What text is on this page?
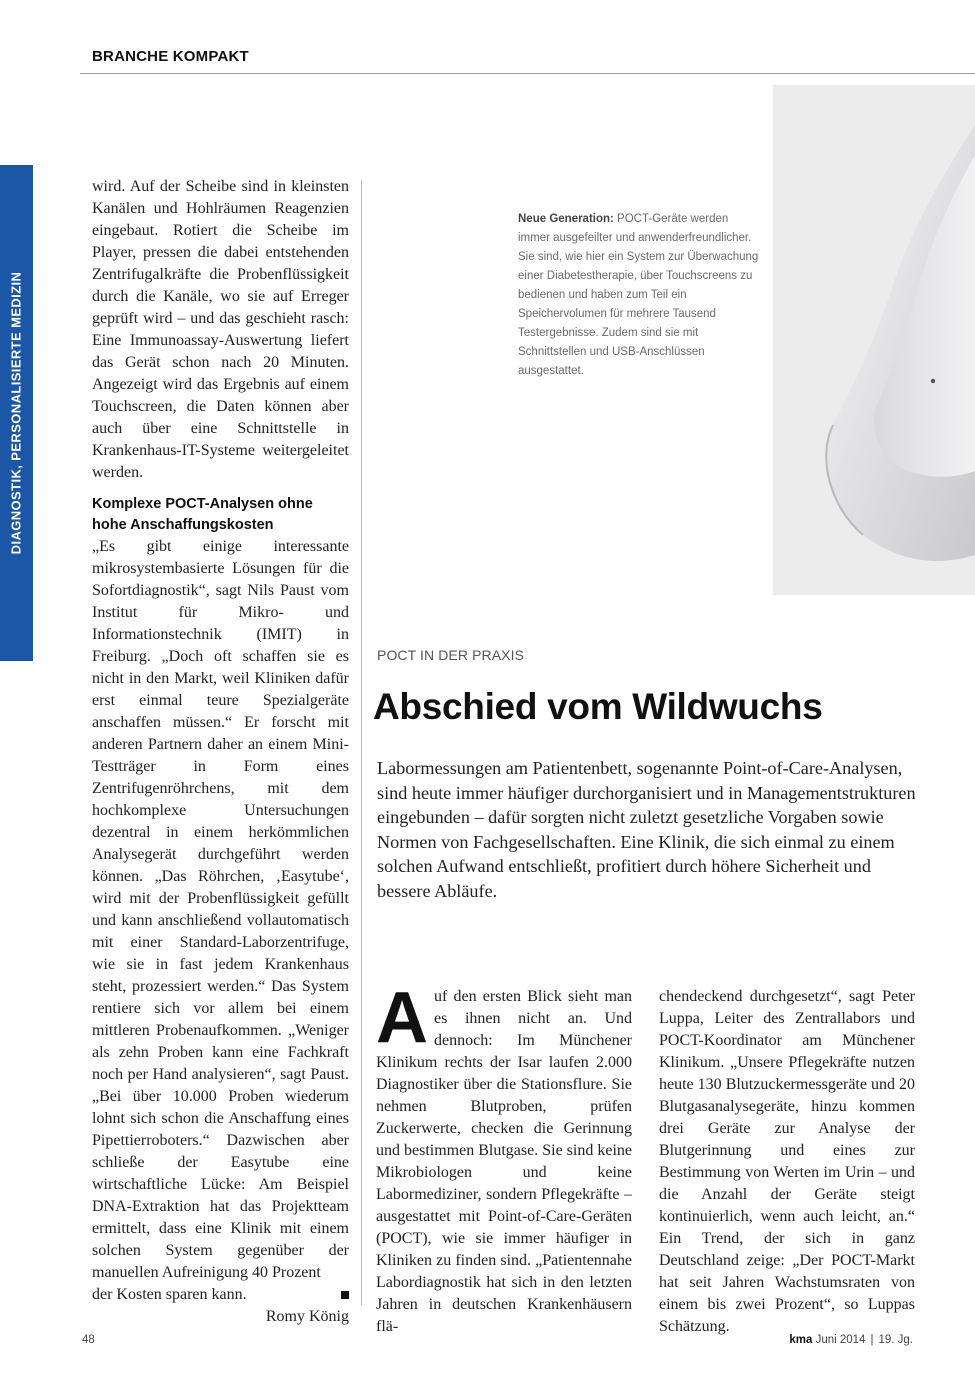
BRANCHE KOMPAKT
DIAGNOSTIK, PERSONALISIERTE MEDIZIN

wird. Auf der Scheibe sind in kleinsten Kanälen und Hohlräumen Reagenzien eingebaut. Rotiert die Scheibe im Player, pressen die dabei entstehenden Zentrifugalkräfte die Probenflüssigkeit durch die Kanäle, wo sie auf Erreger geprüft wird – und das geschieht rasch: Eine Immunoassay-Auswertung liefert das Gerät schon nach 20 Minuten. Angezeigt wird das Ergebnis auf einem Touchscreen, die Daten können aber auch über eine Schnittstelle in Krankenhaus-IT-Systeme weitergeleitet werden.

Komplexe POCT-Analysen ohne hohe Anschaffungskosten

„Es gibt einige interessante mikrosystembasierte Lösungen für die Sofortdiagnostik“, sagt Nils Paust vom Institut für Mikro- und Informationstechnik (IMIT) in Freiburg. „Doch oft schaffen sie es nicht in den Markt, weil Kliniken dafür erst einmal teure Spezialgeräte anschaffen müssen.“ Er forscht mit anderen Partnern daher an einem Mini-Testträger in Form eines Zentrifugenröhrchens, mit dem hochkomplexe Untersuchungen dezentral in einem herkömmlichen Analysegerät durchgeführt werden können. „Das Röhrchen, ‚Easytube‘, wird mit der Probenflüssigkeit gefüllt und kann anschließend vollautomatisch mit einer Standard-Laborzentrifuge, wie sie in fast jedem Krankenhaus steht, prozessiert werden.“ Das System rentiere sich vor allem bei einem mittleren Probenaufkommen. „Weniger als zehn Proben kann eine Fachkraft noch per Hand analysieren“, sagt Paust. „Bei über 10.000 Proben wiederum lohnt sich schon die Anschaffung eines Pipettierroboters.“ Dazwischen aber schließe der Easytube eine wirtschaftliche Lücke: Am Beispiel DNA-Extraktion hat das Projektteam ermittelt, dass eine Klinik mit einem solchen System gegenüber der manuellen Aufreinigung 40 Prozent

der Kosten sparen kann.
Romy König
Neue Generation: POCT-Geräte werden immer ausgefeilter und anwenderfreundlicher. Sie sind, wie hier ein System zur Überwachung einer Diabetestherapie, über Touchscreens zu bedienen und haben zum Teil ein Speichervolumen für mehrere Tausend Testergebnisse. Zudem sind sie mit Schnittstellen und USB-Anschlüssen ausgestattet.
POCT IN DER PRAXIS
Abschied vom Wildwuchs
Labormessungen am Patientenbett, sogenannte Point-of-Care-Analysen, sind heute immer häufiger durchorganisiert und in Managementstrukturen eingebunden – dafür sorgten nicht zuletzt gesetzliche Vorgaben sowie Normen von Fachgesellschaften. Eine Klinik, die sich einmal zu einem solchen Aufwand entschließt, profitiert durch höhere Sicherheit und bessere Abläufe.
Auf den ersten Blick sieht man es ihnen nicht an. Und dennoch: Im Münchener Klinikum rechts der Isar laufen 2.000 Diagnostiker über die Stationsflure. Sie nehmen Blutproben, prüfen Zuckerwerte, checken die Gerinnung und bestimmen Blutgase. Sie sind keine Mikrobiologen und keine Labormediziner, sondern Pflegekräfte – ausgestattet mit Point-of-Care-Geräten (POCT), wie sie immer häufiger in Kliniken zu finden sind. „Patientennahe Labordiagnostik hat sich in den letzten Jahren in deutschen Krankenhäusern flä-
chendeckend durchgesetzt“, sagt Peter Luppa, Leiter des Zentrallabors und POCT-Koordinator am Münchener Klinikum. „Unsere Pflegekräfte nutzen heute 130 Blutzuckermessgeräte und 20 Blutgasanalysegeräte, hinzu kommen drei Geräte zur Analyse der Blutgerinnung und eines zur Bestimmung von Werten im Urin – und die Anzahl der Geräte steigt kontinuierlich, wenn auch leicht, an.“ Ein Trend, der sich in ganz Deutschland zeige: „Der POCT-Markt hat seit Jahren Wachstumsraten von einem bis zwei Prozent“, so Luppas Schätzung.
48	kma Juni 2014 | 19. Jg.
